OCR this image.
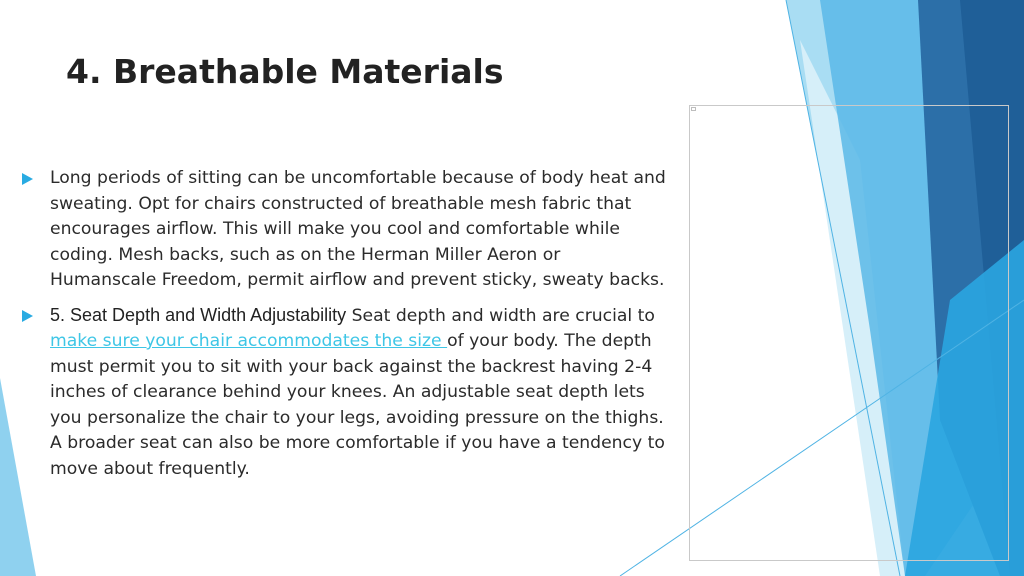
4. Breathable Materials
Long periods of sitting can be uncomfortable because of body heat and sweating. Opt for chairs constructed of breathable mesh fabric that encourages airflow. This will make you cool and comfortable while coding. Mesh backs, such as on the Herman Miller Aeron or Humanscale Freedom, permit airflow and prevent sticky, sweaty backs.
5. Seat Depth and Width Adjustability Seat depth and width are crucial to make sure your chair accommodates the size of your body. The depth must permit you to sit with your back against the backrest having 2-4 inches of clearance behind your knees. An adjustable seat depth lets you personalize the chair to your legs, avoiding pressure on the thighs. A broader seat can also be more comfortable if you have a tendency to move about frequently.
